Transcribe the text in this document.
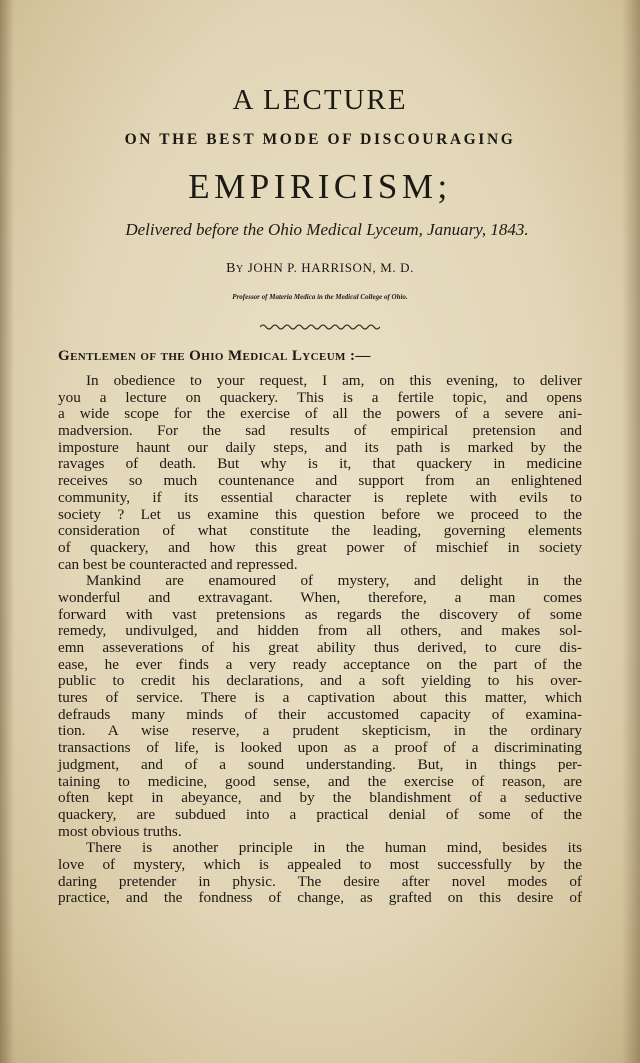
A LECTURE
ON THE BEST MODE OF DISCOURAGING
EMPIRICISM;
Delivered before the Ohio Medical Lyceum, January, 1843.
By JOHN P. HARRISON, M. D.
Professor of Materia Medica in the Medical College of Ohio.
Gentlemen of the Ohio Medical Lyceum :—
In obedience to your request, I am, on this evening, to deliver
you a lecture on quackery. This is a fertile topic, and opens
a wide scope for the exercise of all the powers of a severe ani-
madversion. For the sad results of empirical pretension and
imposture haunt our daily steps, and its path is marked by the
ravages of death. But why is it, that quackery in medicine
receives so much countenance and support from an enlightened
community, if its essential character is replete with evils to
society ? Let us examine this question before we proceed to the
consideration of what constitute the leading, governing elements
of quackery, and how this great power of mischief in society
can best be counteracted and repressed.
Mankind are enamoured of mystery, and delight in the
wonderful and extravagant. When, therefore, a man comes
forward with vast pretensions as regards the discovery of some
remedy, undivulged, and hidden from all others, and makes sol-
emn asseverations of his great ability thus derived, to cure dis-
ease, he ever finds a very ready acceptance on the part of the
public to credit his declarations, and a soft yielding to his over-
tures of service. There is a captivation about this matter, which
defrauds many minds of their accustomed capacity of examina-
tion. A wise reserve, a prudent skepticism, in the ordinary
transactions of life, is looked upon as a proof of a discriminating
judgment, and of a sound understanding. But, in things per-
taining to medicine, good sense, and the exercise of reason, are
often kept in abeyance, and by the blandishment of a seductive
quackery, are subdued into a practical denial of some of the
most obvious truths.
There is another principle in the human mind, besides its
love of mystery, which is appealed to most successfully by the
daring pretender in physic. The desire after novel modes of
practice, and the fondness of change, as grafted on this desire of
